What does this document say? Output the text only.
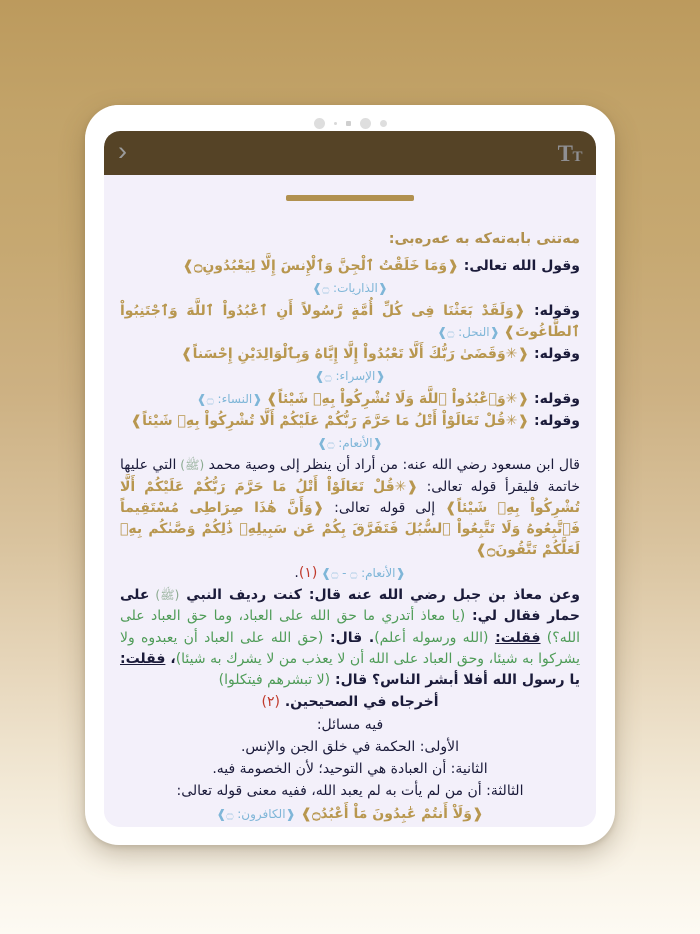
T T
›
مەتنی بابەتەکە بە عەرەبی:
وقول الله تعالى: ❰وَمَا خَلَقْتُ ٱلْجِنَّ وَٱلْإِنسَ إِلَّا لِيَعْبُدُونِ۝❱
❰الذاريات: ۝❱
وقوله: ❰وَلَقَدْ بَعَثْنَا فِى كُلِّ أُمَّةٍ رَّسُولاً أَنِ ٱعْبُدُواْ ٱللَّهَ وَٱجْتَنِبُواْ ٱلطَّاغُوتَ❱ ❰النحل: ۝❱
وقوله: ❰✳وَقَضَىٰ رَبُّكَ أَلَّا تَعْبُدُواْ إِلَّا إِيَّاهُ وَبِٱلْوَالِدَيْنِ إِحْسَناً❱
❰الإسراء: ۝❱
وقوله: ❰✳وَٱعْبُدُواْ ٱللَّهَ وَلَا تُشْرِكُواْ بِهِ۠ شَيْئاً❱ ❰النساء: ۝❱
وقوله: ❰✳قُلْ تَعَالَوْاْ أَتْلُ مَا حَرَّمَ رَبُّكُمْ عَلَيْكُمْ أَلَّا تُشْرِكُواْ بِهِ۠ شَيْئاً❱
❰الأنعام: ۝❱
قال ابن مسعود رضي الله عنه: من أراد أن ينظر إلى وصية محمد (ﷺ) التي عليها خاتمة فليقرأ قوله تعالى: ❰✳قُلْ تَعَالَوْاْ أَتْلُ مَا حَرَّمَ رَبُّكُمْ عَلَيْكُمْ أَلَّا تُشْرِكُواْ بِهِ۠ شَيْئاً❱ إلى قوله تعالى: ❰وَأَنَّ هَٰذَا صِرَاطِى مُسْتَقِيماً فَٱتَّبِعُوهُ وَلَا تَتَّبِعُواْ ٱلسُّبُلَ فَتَفَرَّقَ بِكُمْ عَن سَبِيلِهِ۠ ذَٰلِكُمْ وَصَّىٰكُم بِهِ۠ لَعَلَّكُمْ تَتَّقُونَ۝❱
❰الأنعام: ۝ - ۝❱ (١).
وعن معاذ بن جبل رضي الله عنه قال: كنت رديف النبي (ﷺ) على حمار فقال لي: (يا معاذ أتدري ما حق الله على العباد، وما حق العباد على الله؟) فقلت: (الله ورسوله أعلم). قال: (حق الله على العباد أن يعبدوه ولا يشركوا به شيئا، وحق العباد على الله أن لا يعذب من لا يشرك به شيئا)، فقلت: يا رسول الله أفلا أبشر الناس؟ قال: (لا تبشرهم فيتكلوا)
أخرجاه في الصحيحين. (٢)
فيه مسائل:
الأولى: الحكمة في خلق الجن والإنس.
الثانية: أن العبادة هي التوحيد؛ لأن الخصومة فيه.
الثالثة: أن من لم يأت به لم يعبد الله، ففيه معنى قوله تعالى:
❰وَلَاْ أَنتُمْ عَٰبِدُونَ مَاْ أَعْبُدُ۝❱ ❰الكافرون: ۝❱
